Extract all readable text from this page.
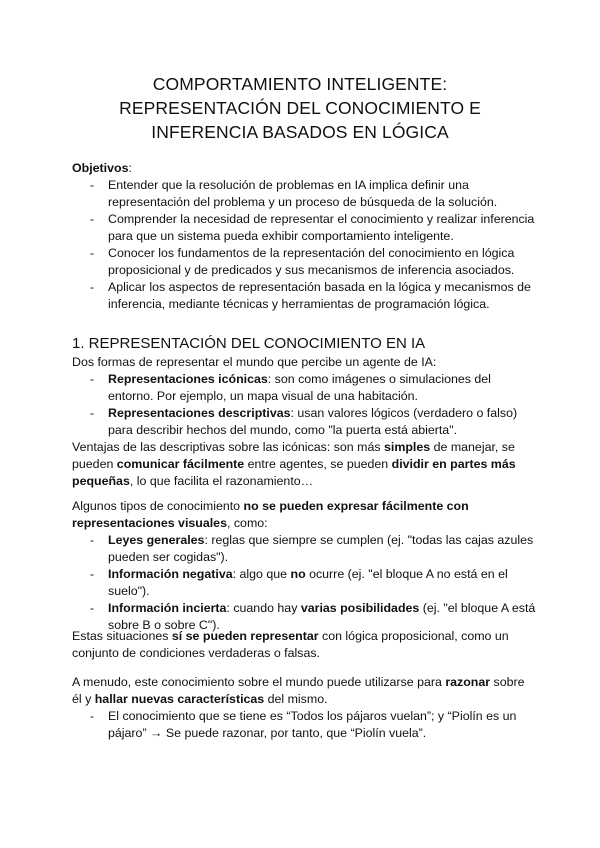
COMPORTAMIENTO INTELIGENTE:
REPRESENTACIÓN DEL CONOCIMIENTO E
INFERENCIA BASADOS EN LÓGICA
Objetivos:
-	Entender que la resolución de problemas en IA implica definir una
representación del problema y un proceso de búsqueda de la solución.
-	Comprender la necesidad de representar el conocimiento y realizar inferencia
para que un sistema pueda exhibir comportamiento inteligente.
-	Conocer los fundamentos de la representación del conocimiento en lógica
proposicional y de predicados y sus mecanismos de inferencia asociados.
-	Aplicar los aspectos de representación basada en la lógica y mecanismos de
inferencia, mediante técnicas y herramientas de programación lógica.
1. REPRESENTACIÓN DEL CONOCIMIENTO EN IA
Dos formas de representar el mundo que percibe un agente de IA:
-	Representaciones icónicas: son como imágenes o simulaciones del
entorno. Por ejemplo, un mapa visual de una habitación.
-	Representaciones descriptivas: usan valores lógicos (verdadero o falso)
para describir hechos del mundo, como "la puerta está abierta".
Ventajas de las descriptivas sobre las icónicas: son más simples de manejar, se
pueden comunicar fácilmente entre agentes, se pueden dividir en partes más
pequeñas, lo que facilita el razonamiento…
Algunos tipos de conocimiento no se pueden expresar fácilmente con
representaciones visuales, como:
-	Leyes generales: reglas que siempre se cumplen (ej. "todas las cajas azules
pueden ser cogidas").
-	Información negativa: algo que no ocurre (ej. "el bloque A no está en el
suelo").
-	Información incierta: cuando hay varias posibilidades (ej. "el bloque A está
sobre B o sobre C").
Estas situaciones sí se pueden representar con lógica proposicional, como un
conjunto de condiciones verdaderas o falsas.
A menudo, este conocimiento sobre el mundo puede utilizarse para razonar sobre
él y hallar nuevas características del mismo.
-	El conocimiento que se tiene es “Todos los pájaros vuelan”; y “Piolín es un
pájaro” → Se puede razonar, por tanto, que “Piolín vuela”.
